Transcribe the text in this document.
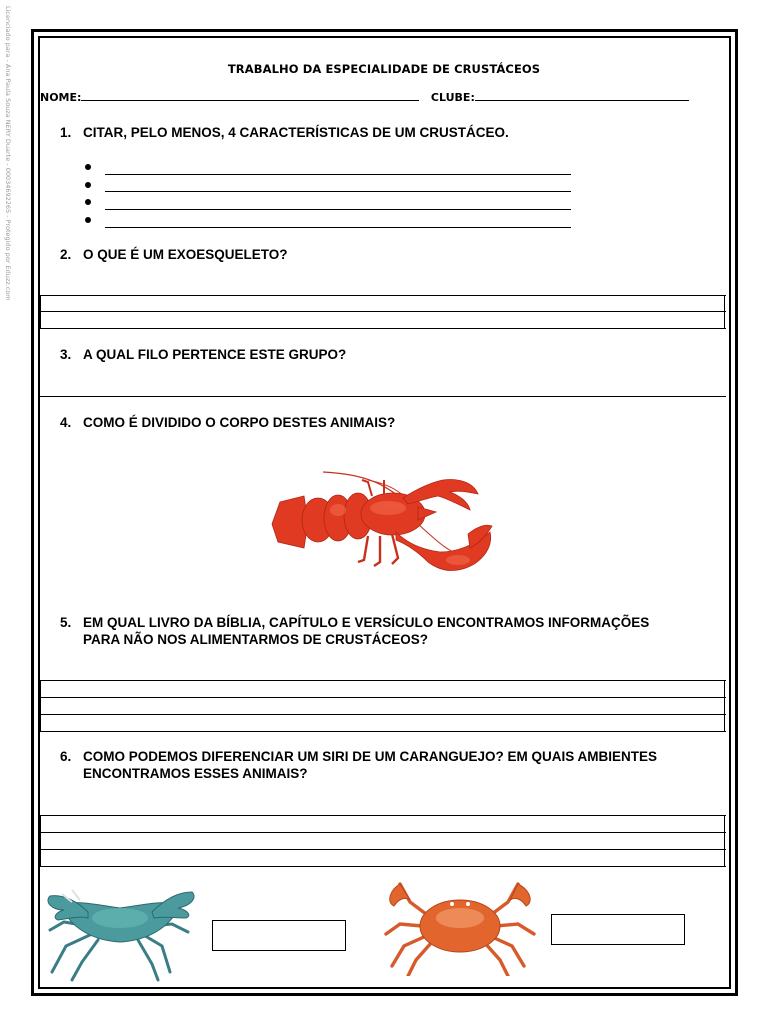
Licenciado para - Ana Paula Souza NERY Duarte - 00034692265 - Protegido por Eduzz.com	TRABALHO DA ESPECIALIDADE DE CRUSTÁCEOS
NOME:	CLUBE:
1. CITAR, PELO MENOS, 4 CARACTERÍSTICAS DE UM CRUSTÁCEO.
2. O QUE É UM EXOESQUELETO?
3. A QUAL FILO PERTENCE ESTE GRUPO?
4. COMO É DIVIDIDO O CORPO DESTES ANIMAIS?
5. EM QUAL LIVRO DA BÍBLIA, CAPÍTULO E VERSÍCULO ENCONTRAMOS INFORMAÇÕES
PARA NÃO NOS ALIMENTARMOS DE CRUSTÁCEOS?
6. COMO PODEMOS DIFERENCIAR UM SIRI DE UM CARANGUEJO? EM QUAIS AMBIENTES
ENCONTRAMOS ESSES ANIMAIS?
